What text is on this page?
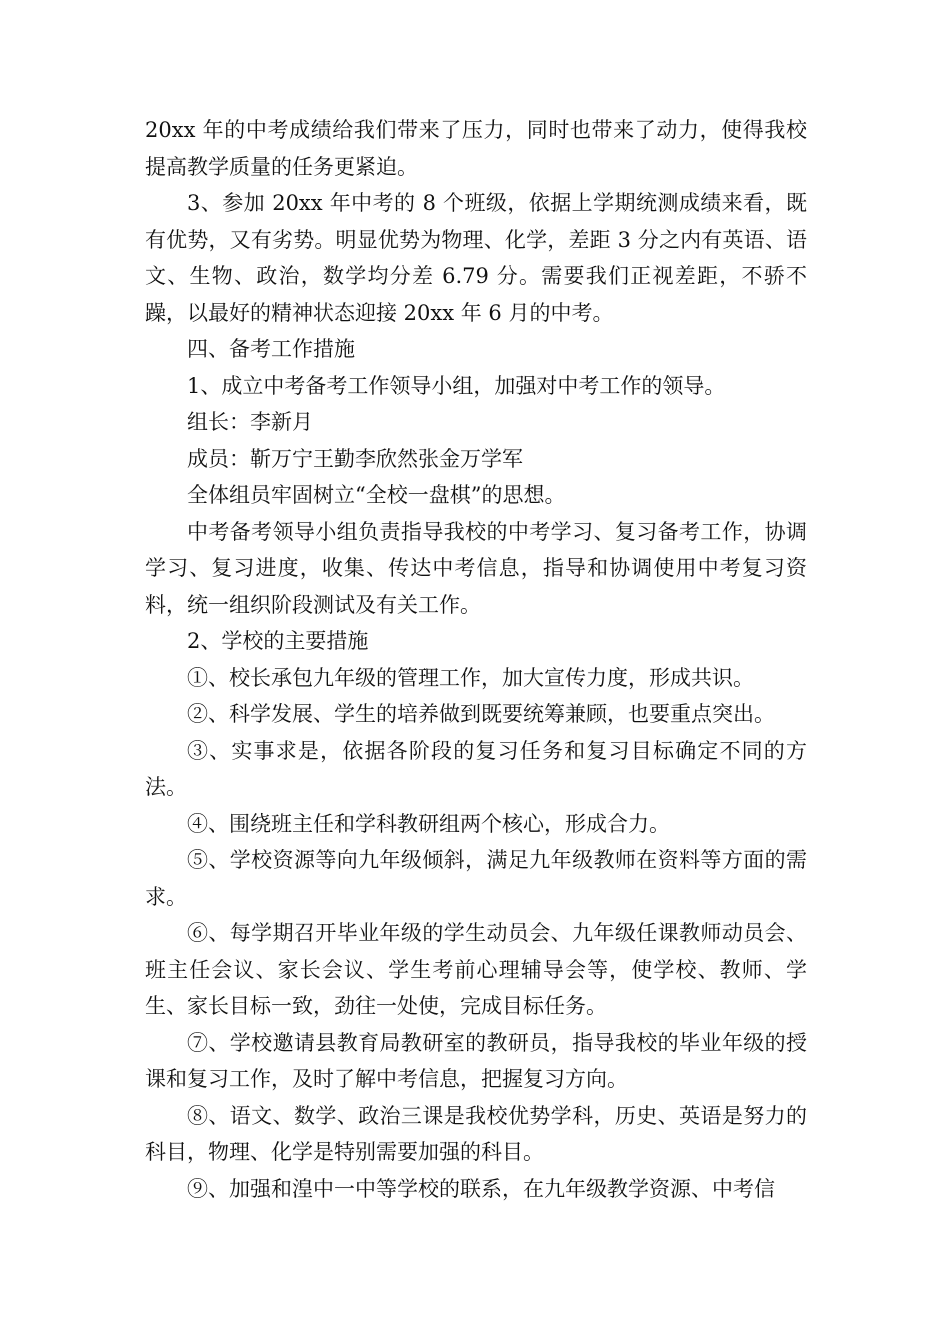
20xx 年的中考成绩给我们带来了压力，同时也带来了动力，使得我校提高教学质量的任务更紧迫。

3、参加 20xx 年中考的 8 个班级，依据上学期统测成绩来看，既有优势，又有劣势。明显优势为物理、化学，差距 3 分之内有英语、语文、生物、政治，数学均分差 6.79 分。需要我们正视差距，不骄不躁，以最好的精神状态迎接 20xx 年 6 月的中考。

四、备考工作措施

1、成立中考备考工作领导小组，加强对中考工作的领导。

组长：李新月

成员：靳万宁王勤李欣然张金万学军

全体组员牢固树立“全校一盘棋”的思想。

中考备考领导小组负责指导我校的中考学习、复习备考工作，协调学习、复习进度，收集、传达中考信息，指导和协调使用中考复习资料，统一组织阶段测试及有关工作。

2、学校的主要措施

①、校长承包九年级的管理工作，加大宣传力度，形成共识。

②、科学发展、学生的培养做到既要统筹兼顾，也要重点突出。

③、实事求是，依据各阶段的复习任务和复习目标确定不同的方法。

④、围绕班主任和学科教研组两个核心，形成合力。

⑤、学校资源等向九年级倾斜，满足九年级教师在资料等方面的需求。

⑥、每学期召开毕业年级的学生动员会、九年级任课教师动员会、班主任会议、家长会议、学生考前心理辅导会等，使学校、教师、学生、家长目标一致，劲往一处使，完成目标任务。

⑦、学校邀请县教育局教研室的教研员，指导我校的毕业年级的授课和复习工作，及时了解中考信息，把握复习方向。

⑧、语文、数学、政治三课是我校优势学科，历史、英语是努力的科目，物理、化学是特别需要加强的科目。

⑨、加强和湟中一中等学校的联系，在九年级教学资源、中考信
